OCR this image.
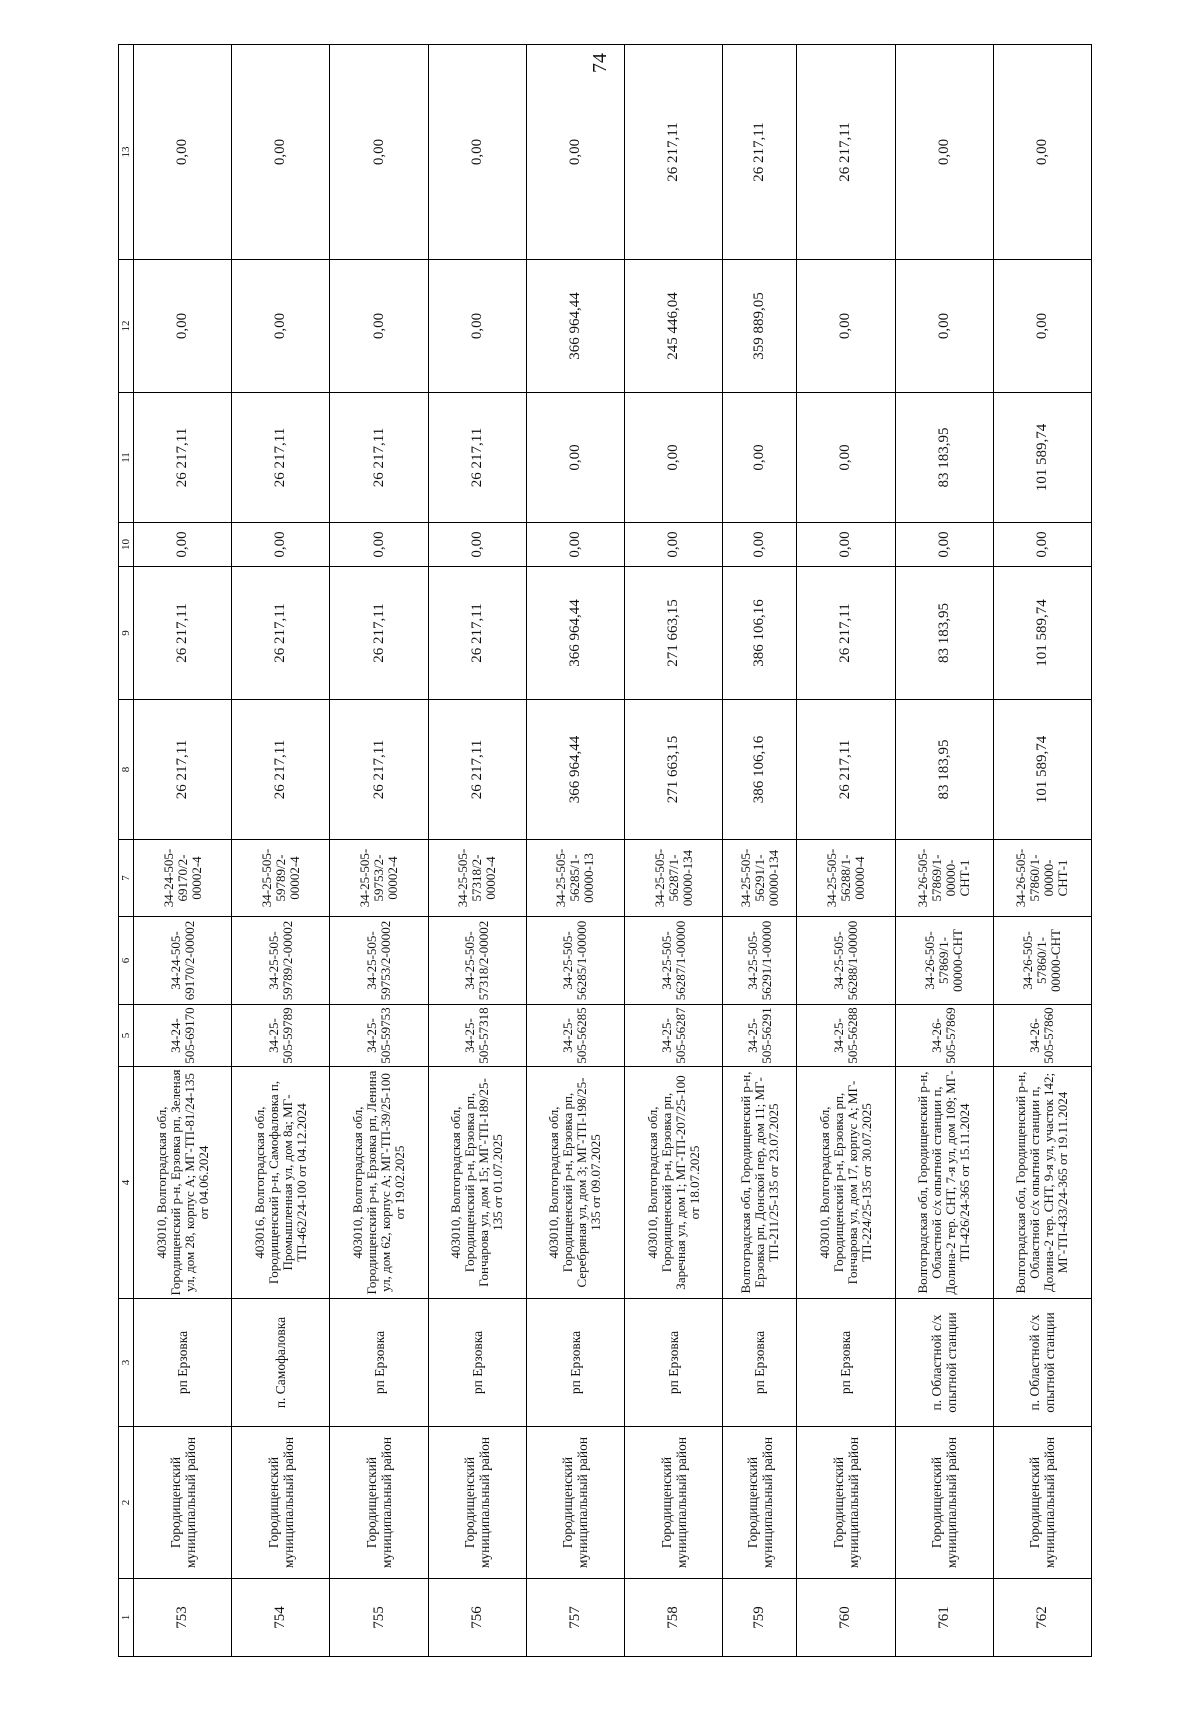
74
1	2	3	4	5	6	7	8	9	10	11	12	13
753	Городищенский муниципальный район	рп Ерзовка	403010, Волгоградская обл, Городищенский р-н, Ерзовка рп, Зеленая ул, дом 28, корпус А; МГ-ТП-81/24-135 от 04.06.2024	34-24-505-69170	34-24-505-69170/2-00002	34-24-505-69170/2-00002-4	26 217,11	26 217,11	0,00	26 217,11	0,00	0,00
754	Городищенский муниципальный район	п. Самофаловка	403016, Волгоградская обл, Городищенский р-н, Самофаловка п, Промышленная ул, дом 8а; МГ-ТП-462/24-100 от 04.12.2024	34-25-505-59789	34-25-505-59789/2-00002	34-25-505-59789/2-00002-4	26 217,11	26 217,11	0,00	26 217,11	0,00	0,00
755	Городищенский муниципальный район	рп Ерзовка	403010, Волгоградская обл, Городищенский р-н, Ерзовка рп, Ленина ул, дом 62, корпус А; МГ-ТП-39/25-100 от 19.02.2025	34-25-505-59753	34-25-505-59753/2-00002	34-25-505-59753/2-00002-4	26 217,11	26 217,11	0,00	26 217,11	0,00	0,00
756	Городищенский муниципальный район	рп Ерзовка	403010, Волгоградская обл, Городищенский р-н, Ерзовка рп, Гончарова ул, дом 15; МГ-ТП-189/25-135 от 01.07.2025	34-25-505-57318	34-25-505-57318/2-00002	34-25-505-57318/2-00002-4	26 217,11	26 217,11	0,00	26 217,11	0,00	0,00
757	Городищенский муниципальный район	рп Ерзовка	403010, Волгоградская обл, Городищенский р-н, Ерзовка рп, Серебряная ул, дом 3; МГ-ТП-198/25-135 от 09.07.2025	34-25-505-56285	34-25-505-56285/1-00000	34-25-505-56285/1-00000-13	366 964,44	366 964,44	0,00	0,00	366 964,44	0,00
758	Городищенский муниципальный район	рп Ерзовка	403010, Волгоградская обл, Городищенский р-н, Ерзовка рп, Заречная ул, дом 1; МГ-ТП-207/25-100 от 18.07.2025	34-25-505-56287	34-25-505-56287/1-00000	34-25-505-56287/1-00000-134	271 663,15	271 663,15	0,00	0,00	245 446,04	26 217,11
759	Городищенский муниципальный район	рп Ерзовка	Волгоградская обл, Городищенский р-н, Ерзовка рп, Донской пер, дом 11; МГ-ТП-211/25-135 от 23.07.2025	34-25-505-56291	34-25-505-56291/1-00000	34-25-505-56291/1-00000-134	386 106,16	386 106,16	0,00	0,00	359 889,05	26 217,11
760	Городищенский муниципальный район	рп Ерзовка	403010, Волгоградская обл, Городищенский р-н, Ерзовка рп, Гончарова ул, дом 17, корпус А; МГ-ТП-224/25-135 от 30.07.2025	34-25-505-56288	34-25-505-56288/1-00000	34-25-505-56288/1-00000-4	26 217,11	26 217,11	0,00	0,00	0,00	26 217,11
761	Городищенский муниципальный район	п. Областной с/х опытной станции	Волгоградская обл, Городищенский р-н, Областной с/х опытной станции п, Долина-2 тер. СНТ, 7-я ул, дом 109; МГ-ТП-426/24-365 от 15.11.2024	34-26-505-57869	34-26-505-57869/1-00000-СНТ	34-26-505-57869/1-00000-СНТ-1	83 183,95	83 183,95	0,00	83 183,95	0,00	0,00
762	Городищенский муниципальный район	п. Областной с/х опытной станции	Волгоградская обл, Городищенский р-н, Областной с/х опытной станции п, Долина-2 тер. СНТ, 9-я ул, участок 142; МГ-ТП-433/24-365 от 19.11.2024	34-26-505-57860	34-26-505-57860/1-00000-СНТ	34-26-505-57860/1-00000-СНТ-1	101 589,74	101 589,74	0,00	101 589,74	0,00	0,00
